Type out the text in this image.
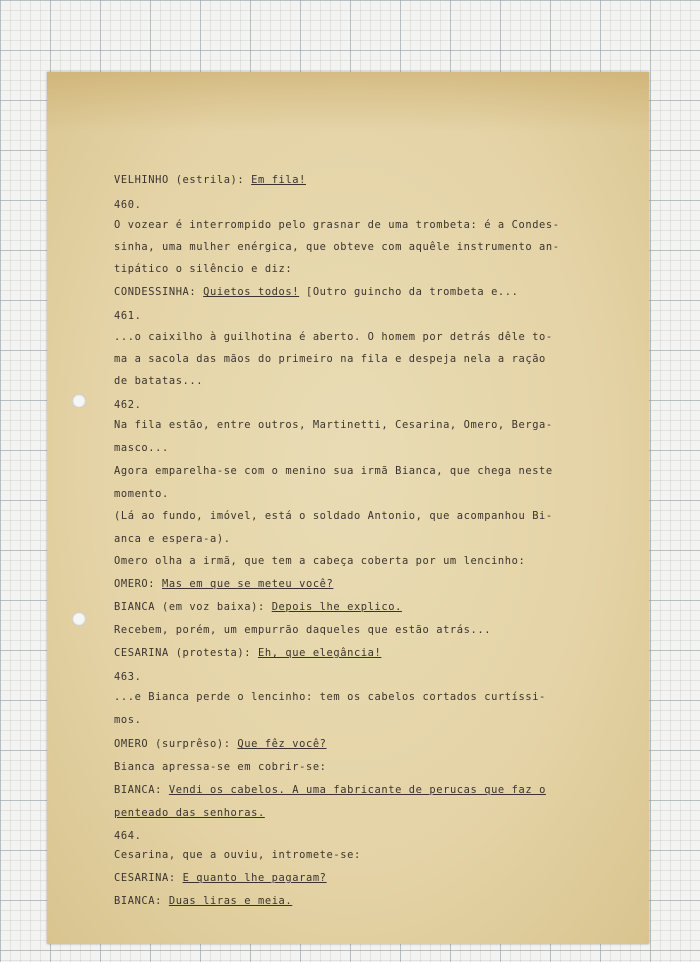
VELHINHO (estrila): Em fila!
460.
O vozear é interrompido pelo grasnar de uma trombeta: é a Condes-
sinha, uma mulher enérgica, que obteve com aquêle instrumento an-
tipático o silêncio e diz:
CONDESSINHA: Quietos todos! [Outro guincho da trombeta e...
461.
...o caixilho à guilhotina é aberto. O homem por detrás dêle to-
ma a sacola das mãos do primeiro na fila e despeja nela a ração
de batatas...
462.
Na fila estão, entre outros, Martinetti, Cesarina, Omero, Berga-
masco...
Agora emparelha-se com o menino sua irmã Bianca, que chega neste
momento.
(Lá ao fundo, imóvel, está o soldado Antonio, que acompanhou Bi-
anca e espera-a).
Omero olha a irmã, que tem a cabeça coberta por um lencinho:
OMERO: Mas em que se meteu você?
BIANCA (em voz baixa): Depois lhe explico.
Recebem, porém, um empurrão daqueles que estão atrás...
CESARINA (protesta): Eh, que elegância!
463.
...e Bianca perde o lencinho: tem os cabelos cortados curtíssi-
mos.
OMERO (surprêso): Que fêz você?
Bianca apressa-se em cobrir-se:
BIANCA: Vendi os cabelos. A uma fabricante de perucas que faz o
penteado das senhoras.
464.
Cesarina, que a ouviu, intromete-se:
CESARINA: E quanto lhe pagaram?
BIANCA: Duas liras e meia.
